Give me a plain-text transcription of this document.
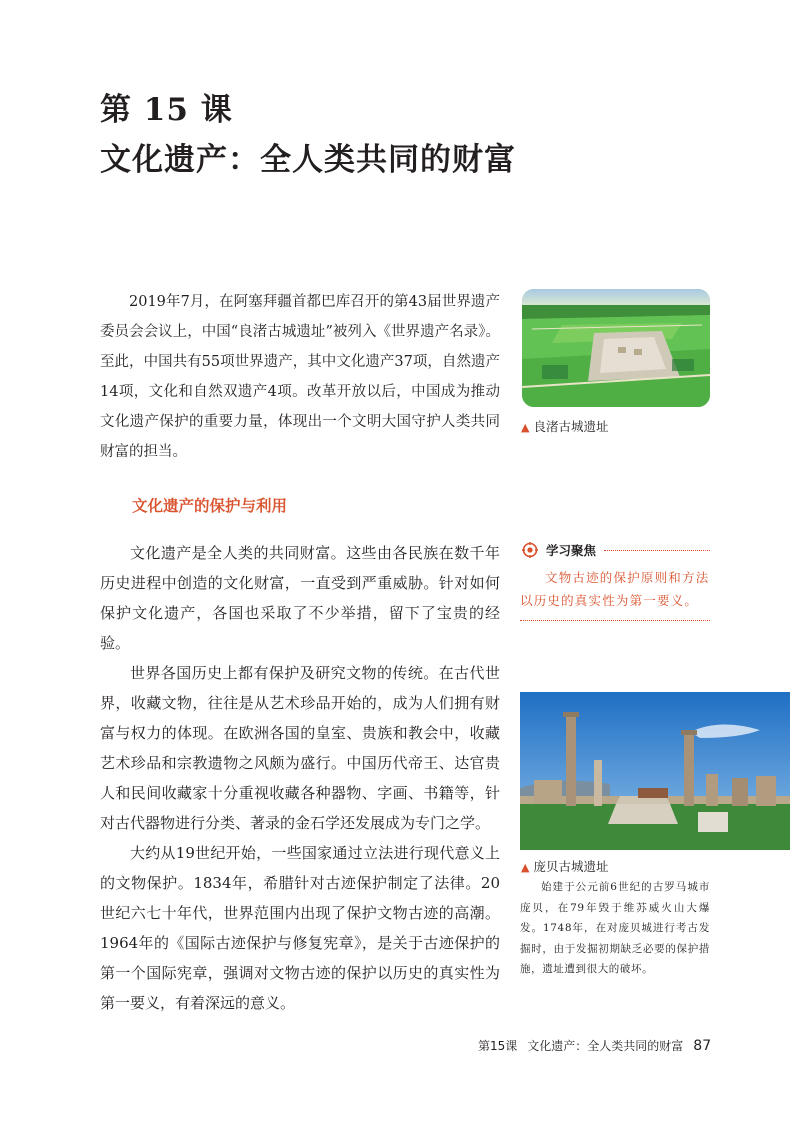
第 15 课
文化遗产：全人类共同的财富

2019年7月，在阿塞拜疆首都巴库召开的第43届世界遗产委员会会议上，中国“良渚古城遗址”被列入《世界遗产名录》。至此，中国共有55项世界遗产，其中文化遗产37项，自然遗产14项，文化和自然双遗产4项。改革开放以后，中国成为推动文化遗产保护的重要力量，体现出一个文明大国守护人类共同财富的担当。

▲ 良渚古城遗址
文化遗产的保护与利用

文化遗产是全人类的共同财富。这些由各民族在数千年历史进程中创造的文化财富，一直受到严重威胁。针对如何保护文化遗产，各国也采取了不少举措，留下了宝贵的经验。

世界各国历史上都有保护及研究文物的传统。在古代世界，收藏文物，往往是从艺术珍品开始的，成为人们拥有财富与权力的体现。在欧洲各国的皇室、贵族和教会中，收藏艺术珍品和宗教遗物之风颇为盛行。中国历代帝王、达官贵人和民间收藏家十分重视收藏各种器物、字画、书籍等，针对古代器物进行分类、著录的金石学还发展成为专门之学。

大约从19世纪开始，一些国家通过立法进行现代意义上的文物保护。1834年，希腊针对古迹保护制定了法律。20世纪六七十年代，世界范围内出现了保护文物古迹的高潮。1964年的《国际古迹保护与修复宪章》，是关于古迹保护的第一个国际宪章，强调对文物古迹的保护以历史的真实性为第一要义，有着深远的意义。

学习聚焦

文物古迹的保护原则和方法以历史的真实性为第一要义。

▲ 庞贝古城遗址

始建于公元前6世纪的古罗马城市庞贝，在79年毁于维苏威火山大爆发。1748年，在对庞贝城进行考古发掘时，由于发掘初期缺乏必要的保护措施，遗址遭到很大的破坏。

第15课 文化遗产：全人类共同的财富 87
